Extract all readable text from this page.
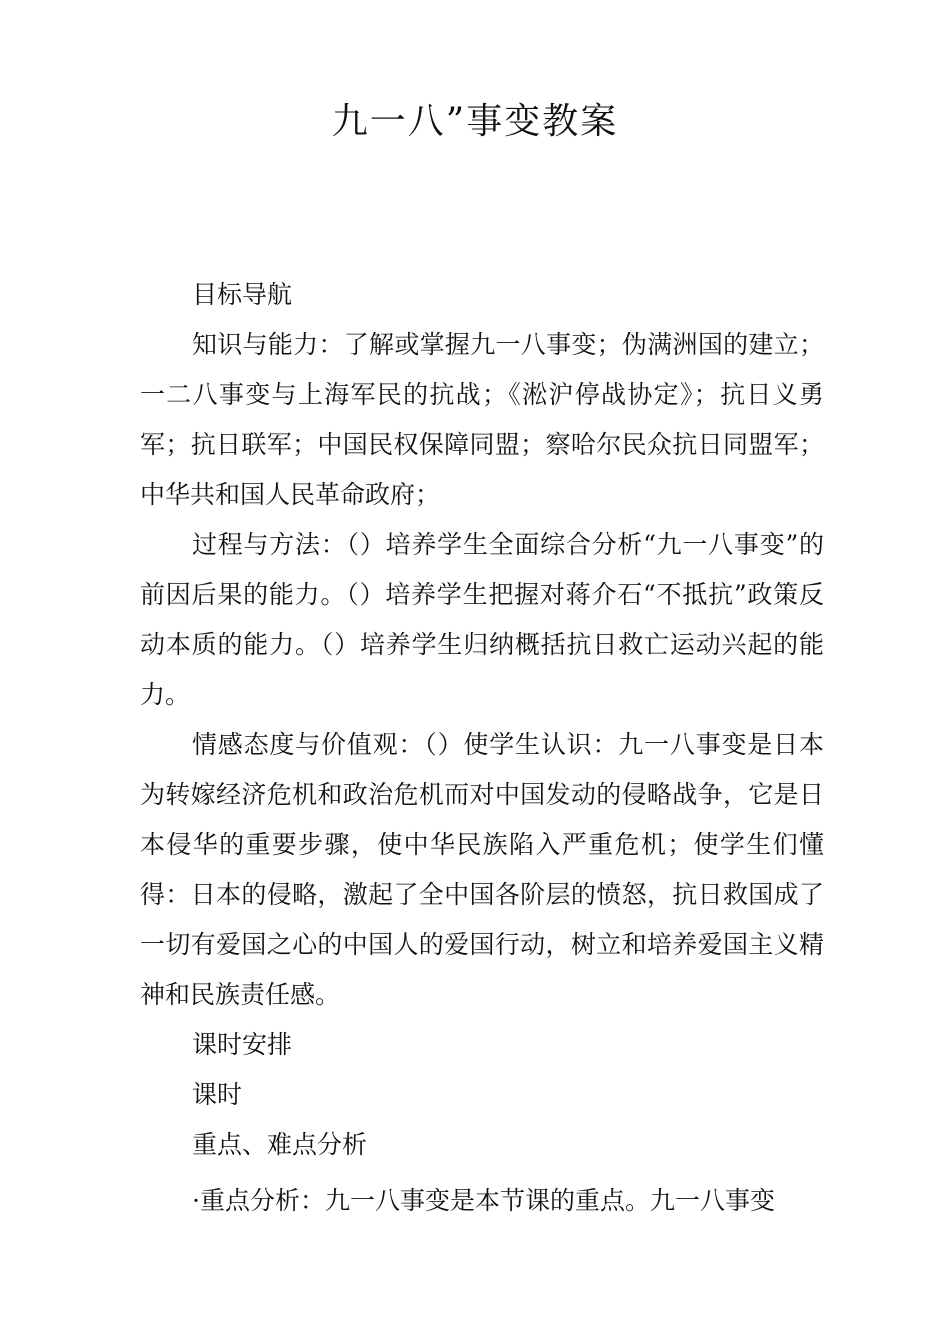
九一八”事变教案

目标导航

知识与能力：了解或掌握九一八事变；伪满洲国的建立；一二八事变与上海军民的抗战；《淞沪停战协定》；抗日义勇军；抗日联军；中国民权保障同盟；察哈尔民众抗日同盟军；中华共和国人民革命政府；

过程与方法：（）培养学生全面综合分析“九一八事变”的前因后果的能力。（）培养学生把握对蒋介石“不抵抗”政策反动本质的能力。（）培养学生归纳概括抗日救亡运动兴起的能力。

情感态度与价值观：（）使学生认识：九一八事变是日本为转嫁经济危机和政治危机而对中国发动的侵略战争，它是日本侵华的重要步骤，使中华民族陷入严重危机；使学生们懂得：日本的侵略，激起了全中国各阶层的愤怒，抗日救国成了一切有爱国之心的中国人的爱国行动，树立和培养爱国主义精神和民族责任感。

课时安排

课时

重点、难点分析

·重点分析：九一八事变是本节课的重点。九一八事变
